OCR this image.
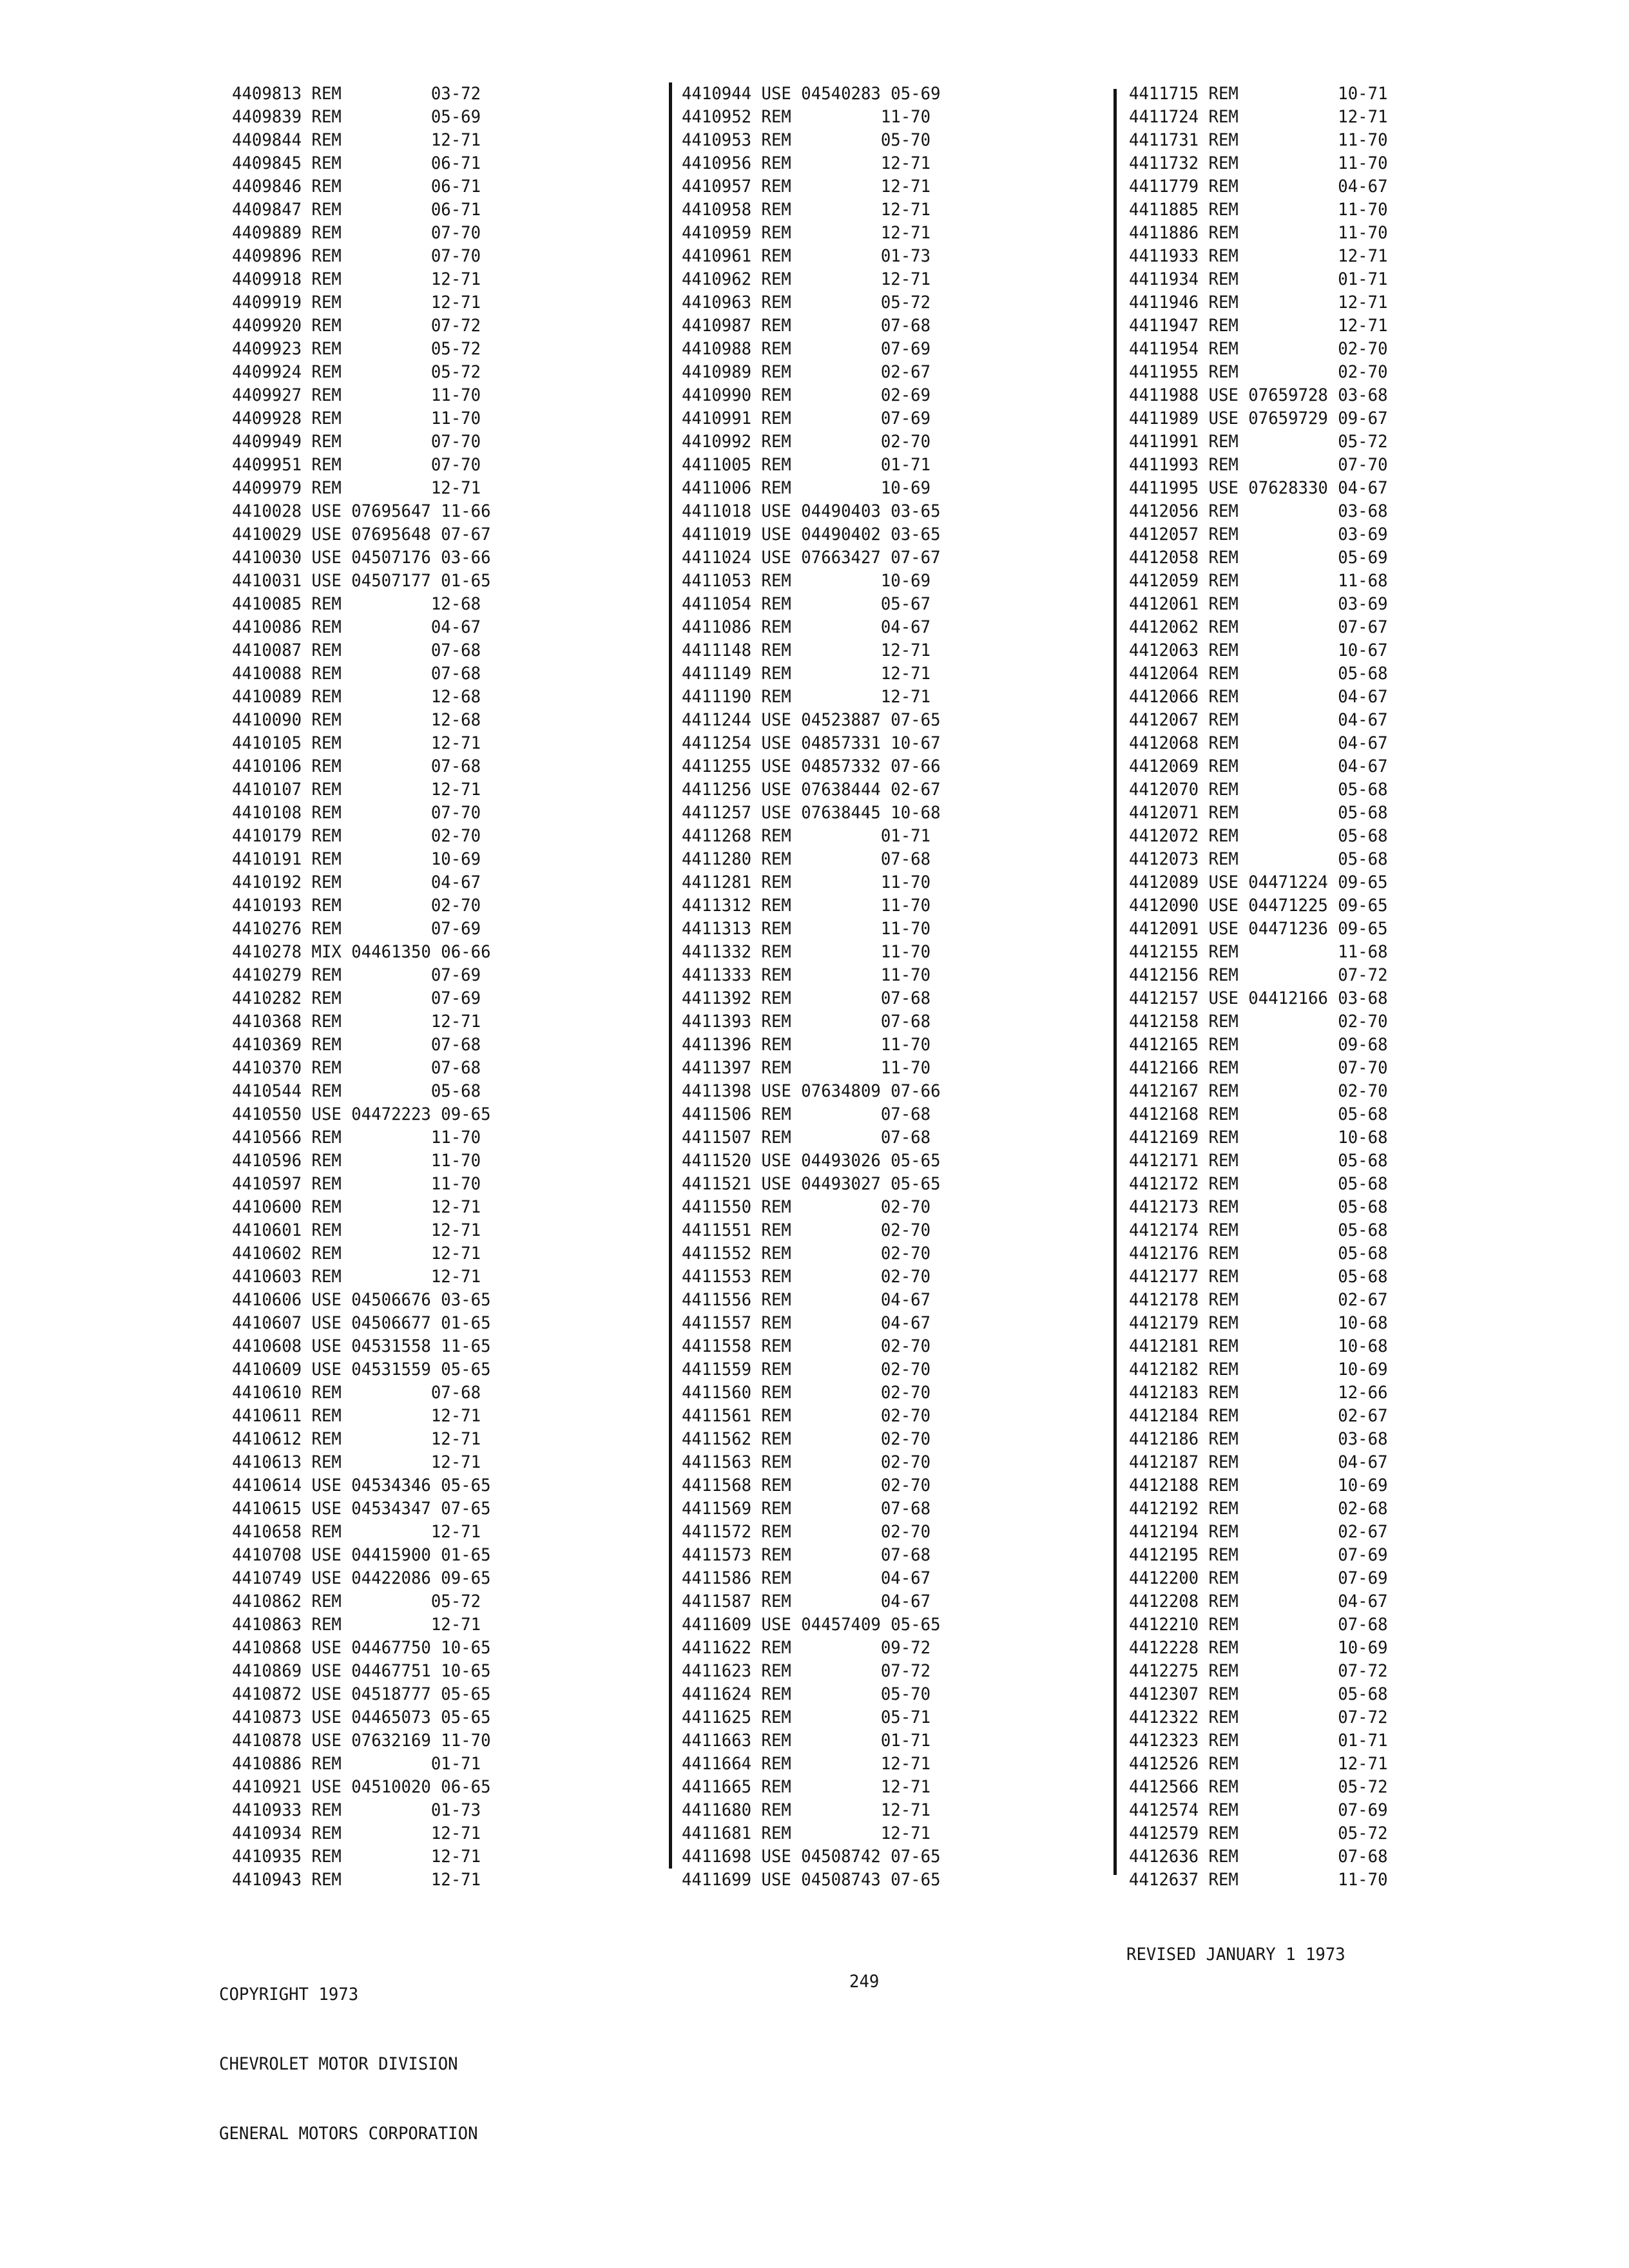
4409813 REM         03-72
4409839 REM         05-69
4409844 REM         12-71
4409845 REM         06-71
4409846 REM         06-71
4409847 REM         06-71
4409889 REM         07-70
4409896 REM         07-70
4409918 REM         12-71
4409919 REM         12-71
4409920 REM         07-72
4409923 REM         05-72
4409924 REM         05-72
4409927 REM         11-70
4409928 REM         11-70
4409949 REM         07-70
4409951 REM         07-70
4409979 REM         12-71
4410028 USE 07695647 11-66
4410029 USE 07695648 07-67
4410030 USE 04507176 03-66
4410031 USE 04507177 01-65
4410085 REM         12-68
4410086 REM         04-67
4410087 REM         07-68
4410088 REM         07-68
4410089 REM         12-68
4410090 REM         12-68
4410105 REM         12-71
4410106 REM         07-68
4410107 REM         12-71
4410108 REM         07-70
4410179 REM         02-70
4410191 REM         10-69
4410192 REM         04-67
4410193 REM         02-70
4410276 REM         07-69
4410278 MIX 04461350 06-66
4410279 REM         07-69
4410282 REM         07-69
4410368 REM         12-71
4410369 REM         07-68
4410370 REM         07-68
4410544 REM         05-68
4410550 USE 04472223 09-65
4410566 REM         11-70
4410596 REM         11-70
4410597 REM         11-70
4410600 REM         12-71
4410601 REM         12-71
4410602 REM         12-71
4410603 REM         12-71
4410606 USE 04506676 03-65
4410607 USE 04506677 01-65
4410608 USE 04531558 11-65
4410609 USE 04531559 05-65
4410610 REM         07-68
4410611 REM         12-71
4410612 REM         12-71
4410613 REM         12-71
4410614 USE 04534346 05-65
4410615 USE 04534347 07-65
4410658 REM         12-71
4410708 USE 04415900 01-65
4410749 USE 04422086 09-65
4410862 REM         05-72
4410863 REM         12-71
4410868 USE 04467750 10-65
4410869 USE 04467751 10-65
4410872 USE 04518777 05-65
4410873 USE 04465073 05-65
4410878 USE 07632169 11-70
4410886 REM         01-71
4410921 USE 04510020 06-65
4410933 REM         01-73
4410934 REM         12-71
4410935 REM         12-71
4410943 REM         12-71
4410944 USE 04540283 05-69
4410952 REM         11-70
4410953 REM         05-70
4410956 REM         12-71
4410957 REM         12-71
4410958 REM         12-71
4410959 REM         12-71
4410961 REM         01-73
4410962 REM         12-71
4410963 REM         05-72
4410987 REM         07-68
4410988 REM         07-69
4410989 REM         02-67
4410990 REM         02-69
4410991 REM         07-69
4410992 REM         02-70
4411005 REM         01-71
4411006 REM         10-69
4411018 USE 04490403 03-65
4411019 USE 04490402 03-65
4411024 USE 07663427 07-67
4411053 REM         10-69
4411054 REM         05-67
4411086 REM         04-67
4411148 REM         12-71
4411149 REM         12-71
4411190 REM         12-71
4411244 USE 04523887 07-65
4411254 USE 04857331 10-67
4411255 USE 04857332 07-66
4411256 USE 07638444 02-67
4411257 USE 07638445 10-68
4411268 REM         01-71
4411280 REM         07-68
4411281 REM         11-70
4411312 REM         11-70
4411313 REM         11-70
4411332 REM         11-70
4411333 REM         11-70
4411392 REM         07-68
4411393 REM         07-68
4411396 REM         11-70
4411397 REM         11-70
4411398 USE 07634809 07-66
4411506 REM         07-68
4411507 REM         07-68
4411520 USE 04493026 05-65
4411521 USE 04493027 05-65
4411550 REM         02-70
4411551 REM         02-70
4411552 REM         02-70
4411553 REM         02-70
4411556 REM         04-67
4411557 REM         04-67
4411558 REM         02-70
4411559 REM         02-70
4411560 REM         02-70
4411561 REM         02-70
4411562 REM         02-70
4411563 REM         02-70
4411568 REM         02-70
4411569 REM         07-68
4411572 REM         02-70
4411573 REM         07-68
4411586 REM         04-67
4411587 REM         04-67
4411609 USE 04457409 05-65
4411622 REM         09-72
4411623 REM         07-72
4411624 REM         05-70
4411625 REM         05-71
4411663 REM         01-71
4411664 REM         12-71
4411665 REM         12-71
4411680 REM         12-71
4411681 REM         12-71
4411698 USE 04508742 07-65
4411699 USE 04508743 07-65
4411715 REM          10-71
4411724 REM          12-71
4411731 REM          11-70
4411732 REM          11-70
4411779 REM          04-67
4411885 REM          11-70
4411886 REM          11-70
4411933 REM          12-71
4411934 REM          01-71
4411946 REM          12-71
4411947 REM          12-71
4411954 REM          02-70
4411955 REM          02-70
4411988 USE 07659728 03-68
4411989 USE 07659729 09-67
4411991 REM          05-72
4411993 REM          07-70
4411995 USE 07628330 04-67
4412056 REM          03-68
4412057 REM          03-69
4412058 REM          05-69
4412059 REM          11-68
4412061 REM          03-69
4412062 REM          07-67
4412063 REM          10-67
4412064 REM          05-68
4412066 REM          04-67
4412067 REM          04-67
4412068 REM          04-67
4412069 REM          04-67
4412070 REM          05-68
4412071 REM          05-68
4412072 REM          05-68
4412073 REM          05-68
4412089 USE 04471224 09-65
4412090 USE 04471225 09-65
4412091 USE 04471236 09-65
4412155 REM          11-68
4412156 REM          07-72
4412157 USE 04412166 03-68
4412158 REM          02-70
4412165 REM          09-68
4412166 REM          07-70
4412167 REM          02-70
4412168 REM          05-68
4412169 REM          10-68
4412171 REM          05-68
4412172 REM          05-68
4412173 REM          05-68
4412174 REM          05-68
4412176 REM          05-68
4412177 REM          05-68
4412178 REM          02-67
4412179 REM          10-68
4412181 REM          10-68
4412182 REM          10-69
4412183 REM          12-66
4412184 REM          02-67
4412186 REM          03-68
4412187 REM          04-67
4412188 REM          10-69
4412192 REM          02-68
4412194 REM          02-67
4412195 REM          07-69
4412200 REM          07-69
4412208 REM          04-67
4412210 REM          07-68
4412228 REM          10-69
4412275 REM          07-72
4412307 REM          05-68
4412322 REM          07-72
4412323 REM          01-71
4412526 REM          12-71
4412566 REM          05-72
4412574 REM          07-69
4412579 REM          05-72
4412636 REM          07-68
4412637 REM          11-70

COPYRIGHT 1973

CHEVROLET MOTOR DIVISION

GENERAL MOTORS CORPORATION

249
REVISED JANUARY 1 1973
